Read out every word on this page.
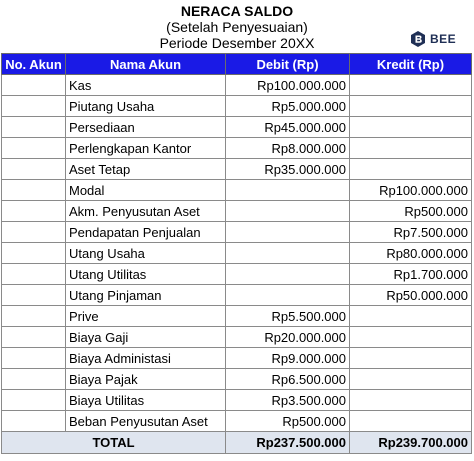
NERACA SALDO
(Setelah Penyesuaian)
Periode Desember 20XX	BEE
No. Akun	Nama Akun	Debit (Rp)	Kredit (Rp)
	Kas	Rp100.000.000	
	Piutang Usaha	Rp5.000.000	
	Persediaan	Rp45.000.000	
	Perlengkapan Kantor	Rp8.000.000	
	Aset Tetap	Rp35.000.000	
	Modal		Rp100.000.000
	Akm. Penyusutan Aset		Rp500.000
	Pendapatan Penjualan		Rp7.500.000
	Utang Usaha		Rp80.000.000
	Utang Utilitas		Rp1.700.000
	Utang Pinjaman		Rp50.000.000
	Prive	Rp5.500.000	
	Biaya Gaji	Rp20.000.000	
	Biaya Administasi	Rp9.000.000	
	Biaya Pajak	Rp6.500.000	
	Biaya Utilitas	Rp3.500.000	
	Beban Penyusutan Aset	Rp500.000	
TOTAL		Rp237.500.000	Rp239.700.000
